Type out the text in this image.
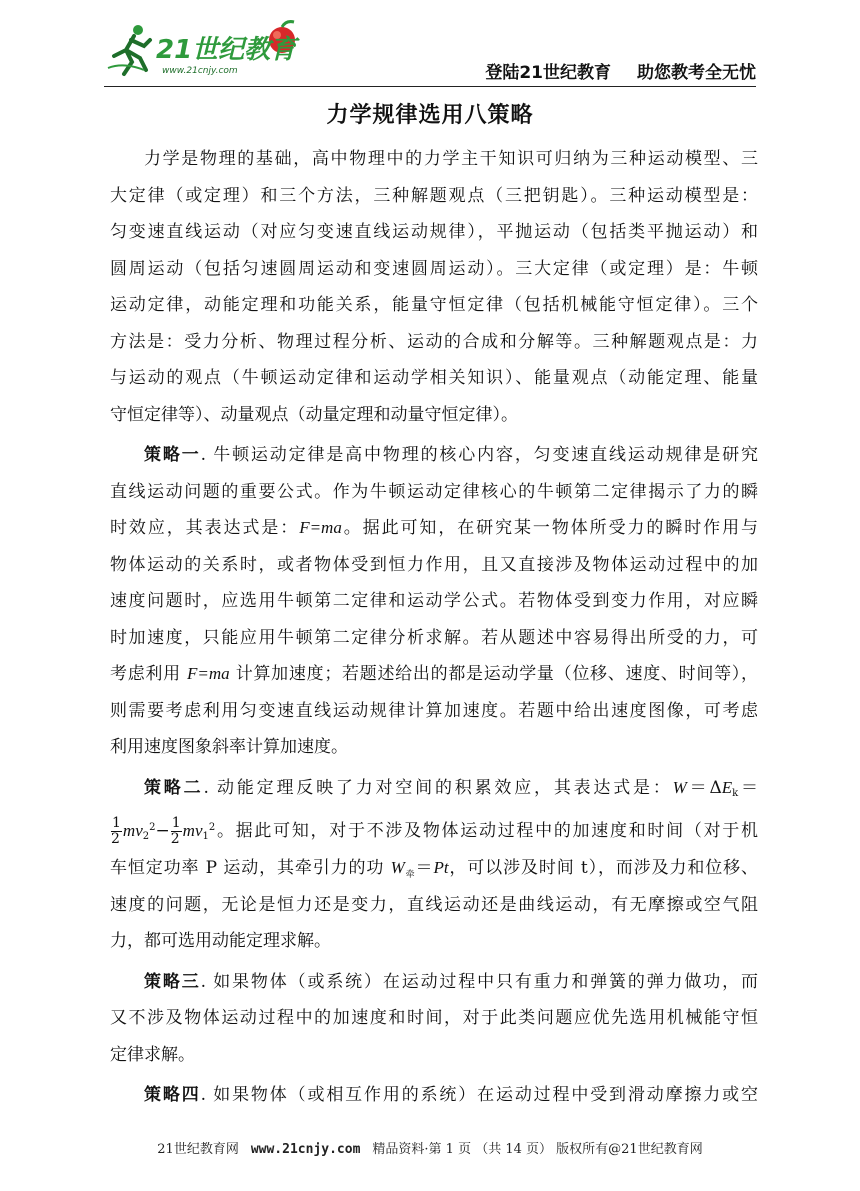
21世纪教育
www.21cnjy.com	登陆21世纪教育 助您教考全无忧
力学规律选用八策略
力学是物理的基础，高中物理中的力学主干知识可归纳为三种运动模型、三
大定律（或定理）和三个方法，三种解题观点（三把钥匙）。三种运动模型是：
匀变速直线运动（对应匀变速直线运动规律），平抛运动（包括类平抛运动）和
圆周运动（包括匀速圆周运动和变速圆周运动）。三大定律（或定理）是：牛顿
运动定律，动能定理和功能关系，能量守恒定律（包括机械能守恒定律）。三个
方法是：受力分析、物理过程分析、运动的合成和分解等。三种解题观点是：力
与运动的观点（牛顿运动定律和运动学相关知识）、能量观点（动能定理、能量
守恒定律等）、动量观点（动量定理和动量守恒定律）。
策略一. 牛顿运动定律是高中物理的核心内容，匀变速直线运动规律是研究
直线运动问题的重要公式。作为牛顿运动定律核心的牛顿第二定律揭示了力的瞬
时效应，其表达式是：F=ma。据此可知，在研究某一物体所受力的瞬时作用与
物体运动的关系时，或者物体受到恒力作用，且又直接涉及物体运动过程中的加
速度问题时，应选用牛顿第二定律和运动学公式。若物体受到变力作用，对应瞬
时加速度，只能应用牛顿第二定律分析求解。若从题述中容易得出所受的力，可
考虑利用 F=ma 计算加速度；若题述给出的都是运动学量（位移、速度、时间等），
则需要考虑利用匀变速直线运动规律计算加速度。若题中给出速度图像，可考虑
利用速度图象斜率计算加速度。
策略二. 动能定理反映了力对空间的积累效应，其表达式是：$W=\Delta E_k=$
$\frac{1}{2} mv_2^2- \frac{1}{2} mv_1^2$。据此可知，对于不涉及物体运动过程中的加速度和时间（对于机
车恒定功率 P 运动，其牵引力的功 $W_牵=Pt$，可以涉及时间 t），而涉及力和位移、
速度的问题，无论是恒力还是变力，直线运动还是曲线运动，有无摩擦或空气阻
力，都可选用动能定理求解。
策略三. 如果物体（或系统）在运动过程中只有重力和弹簧的弹力做功，而
又不涉及物体运动过程中的加速度和时间，对于此类问题应优先选用机械能守恒
定律求解。
策略四. 如果物体（或相互作用的系统）在运动过程中受到滑动摩擦力或空
21世纪教育网 www.21cnjy.com 精品资料·第 1 页 （共 14 页） 版权所有@21世纪教育网
